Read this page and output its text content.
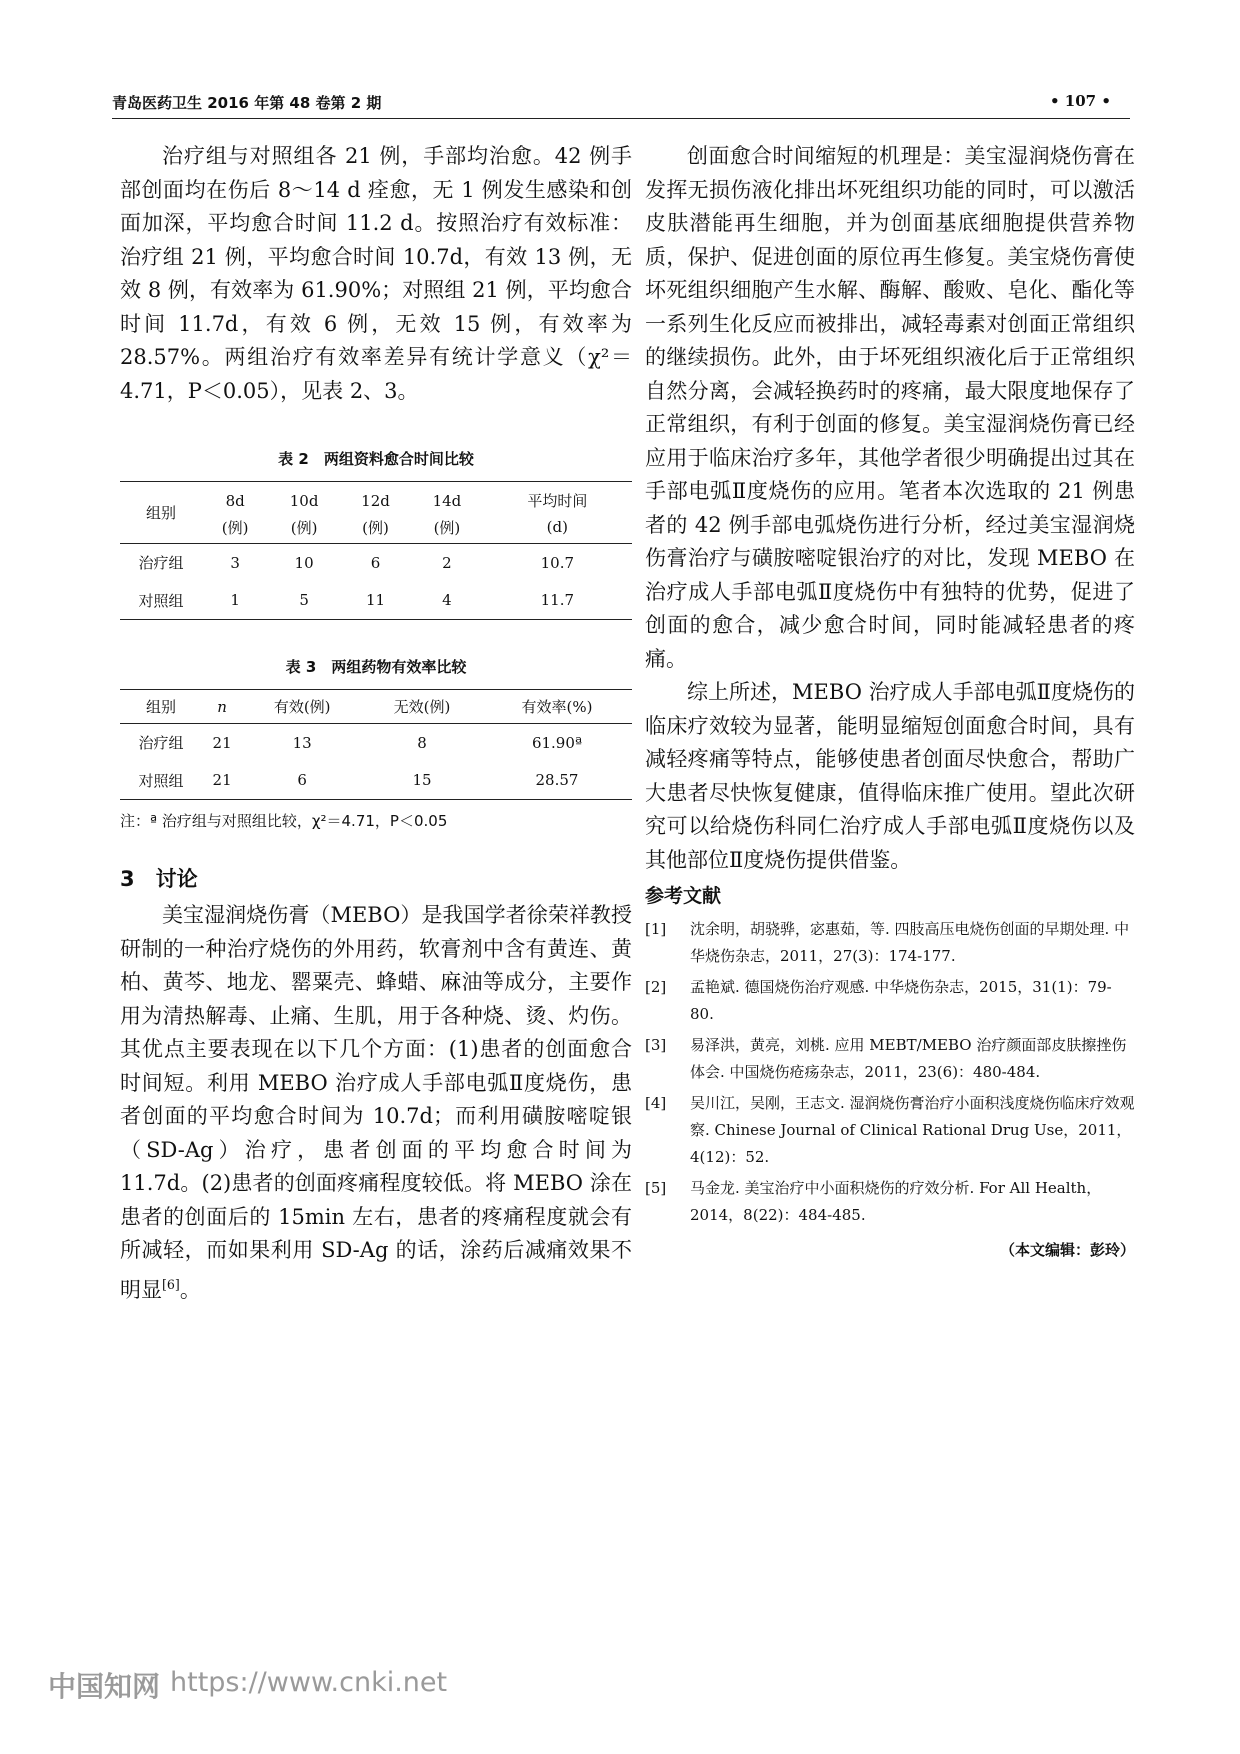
青岛医药卫生 2016 年第 48 卷第 2 期	• 107 •

治疗组与对照组各 21 例，手部均治愈。42 例手部创面均在伤后 8～14 d 痊愈，无 1 例发生感染和创面加深，平均愈合时间 11.2 d。按照治疗有效标准：治疗组 21 例，平均愈合时间 10.7d，有效 13 例，无效 8 例，有效率为 61.90%；对照组 21 例，平均愈合时间 11.7d，有效 6 例，无效 15 例，有效率为 28.57%。两组治疗有效率差异有统计学意义（χ²＝4.71，P＜0.05），见表 2、3。

表 2　两组资料愈合时间比较

组别	8d	10d	12d	14d	平均时间
	(例)	(例)	(例)	(例)	(d)
治疗组	3	10	6	2	10.7
对照组	1	5	11	4	11.7

表 3　两组药物有效率比较

组别	n	有效(例)	无效(例)	有效率(%)
治疗组	21	13	8	61.90ª
对照组	21	6	15	28.57
注：ª 治疗组与对照组比较，χ²＝4.71，P＜0.05
3　讨论

美宝湿润烧伤膏（MEBO）是我国学者徐荣祥教授研制的一种治疗烧伤的外用药，软膏剂中含有黄连、黄柏、黄芩、地龙、罂粟壳、蜂蜡、麻油等成分，主要作用为清热解毒、止痛、生肌，用于各种烧、烫、灼伤。其优点主要表现在以下几个方面：(1)患者的创面愈合时间短。利用 MEBO 治疗成人手部电弧Ⅱ度烧伤，患者创面的平均愈合时间为 10.7d；而利用磺胺嘧啶银（SD-Ag）治疗，患者创面的平均愈合时间为 11.7d。(2)患者的创面疼痛程度较低。将 MEBO 涂在患者的创面后的 15min 左右，患者的疼痛程度就会有所减轻，而如果利用 SD-Ag 的话，涂药后减痛效果不明显[6]。

创面愈合时间缩短的机理是：美宝湿润烧伤膏在发挥无损伤液化排出坏死组织功能的同时，可以激活皮肤潜能再生细胞，并为创面基底细胞提供营养物质，保护、促进创面的原位再生修复。美宝烧伤膏使坏死组织细胞产生水解、酶解、酸败、皂化、酯化等一系列生化反应而被排出，减轻毒素对创面正常组织的继续损伤。此外，由于坏死组织液化后于正常组织自然分离，会减轻换药时的疼痛，最大限度地保存了正常组织，有利于创面的修复。美宝湿润烧伤膏已经应用于临床治疗多年，其他学者很少明确提出过其在手部电弧Ⅱ度烧伤的应用。笔者本次选取的 21 例患者的 42 例手部电弧烧伤进行分析，经过美宝湿润烧伤膏治疗与磺胺嘧啶银治疗的对比，发现 MEBO 在治疗成人手部电弧Ⅱ度烧伤中有独特的优势，促进了创面的愈合，减少愈合时间，同时能减轻患者的疼痛。

综上所述，MEBO 治疗成人手部电弧Ⅱ度烧伤的临床疗效较为显著，能明显缩短创面愈合时间，具有减轻疼痛等特点，能够使患者创面尽快愈合，帮助广大患者尽快恢复健康，值得临床推广使用。望此次研究可以给烧伤科同仁治疗成人手部电弧Ⅱ度烧伤以及其他部位Ⅱ度烧伤提供借鉴。

参考文献
[1]	沈余明，胡骁骅，宓惠茹，等. 四肢高压电烧伤创面的早期处理. 中华烧伤杂志，2011，27(3)：174-177.
[2]	孟艳斌. 德国烧伤治疗观感. 中华烧伤杂志，2015，31(1)：79-80.
[3]	易泽洪，黄亮，刘桃. 应用 MEBT/MEBO 治疗颜面部皮肤擦挫伤体会. 中国烧伤疮疡杂志，2011，23(6)：480-484.
[4]	吴川江，吴刚，王志文. 湿润烧伤膏治疗小面积浅度烧伤临床疗效观察. Chinese Journal of Clinical Rational Drug Use，2011，4(12)：52.
[5]	马金龙. 美宝治疗中小面积烧伤的疗效分析. For All Health，2014，8(22)：484-485.
（本文编辑：彭玲）
中国知网 https://www.cnki.net
